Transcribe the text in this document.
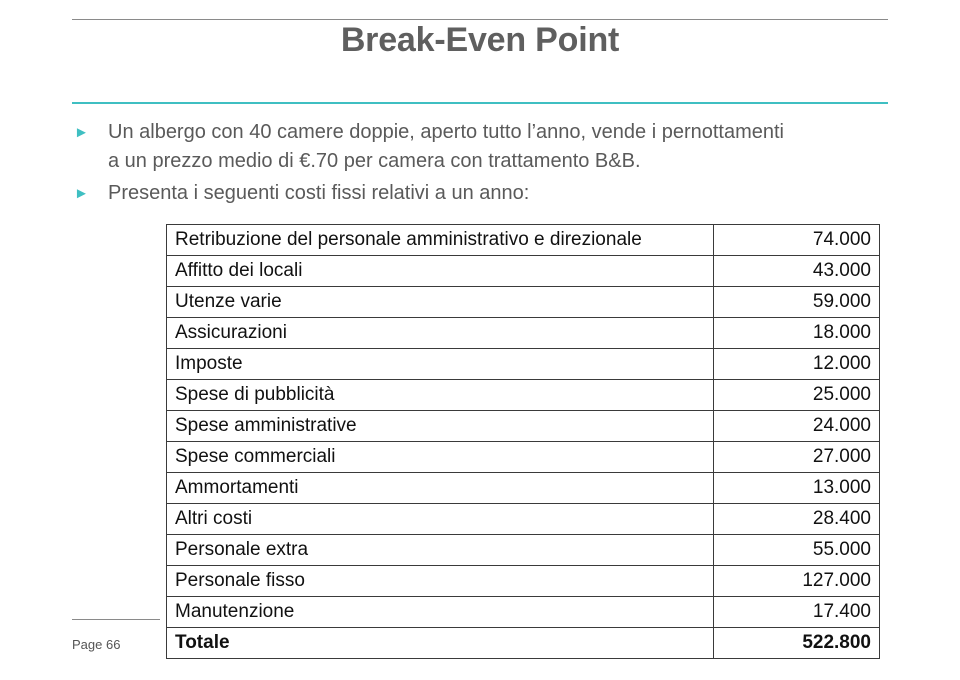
Break-Even Point
► Un albergo con 40 camere doppie, aperto tutto l’anno, vende i pernottamenti
a un prezzo medio di €.70 per camera con trattamento B&B.
► Presenta i seguenti costi fissi relativi a un anno:
Retribuzione del personale amministrativo e direzionale	74.000
Affitto dei locali	43.000
Utenze varie	59.000
Assicurazioni	18.000
Imposte	12.000
Spese di pubblicità	25.000
Spese amministrative	24.000
Spese commerciali	27.000
Ammortamenti	13.000
Altri costi	28.400
Personale extra	55.000
Personale fisso	127.000
Manutenzione	17.400
Totale	522.800
Page 66
